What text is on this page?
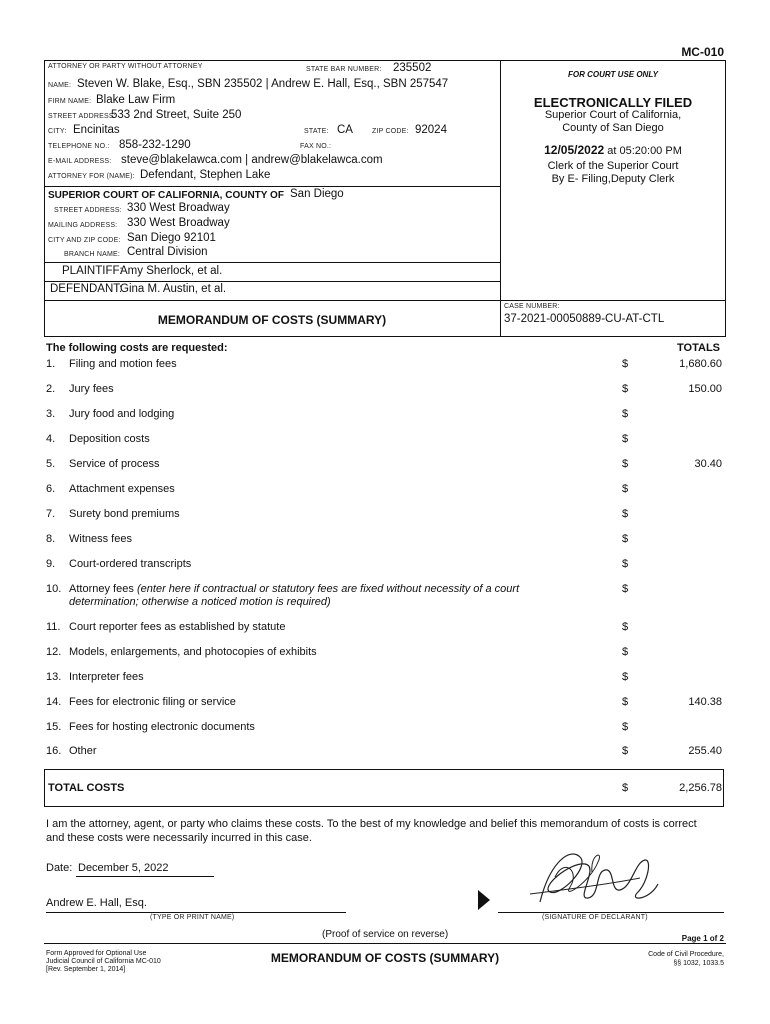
MC-010
ATTORNEY OR PARTY WITHOUT ATTORNEY	STATE BAR NUMBER: 235502
NAME: Steven W. Blake, Esq., SBN 235502 | Andrew E. Hall, Esq., SBN 257547
FIRM NAME: Blake Law Firm
STREET ADDRESS:
533 2nd Street, Suite 250
CITY: Encinitas	STATE: CA	ZIP CODE: 92024
TELEPHONE NO.: 858-232-1290	FAX NO.:
E-MAIL ADDRESS: steve@blakelawca.com | andrew@blakelawca.com
ATTORNEY FOR (NAME): Defendant, Stephen Lake
SUPERIOR COURT OF CALIFORNIA, COUNTY OF San Diego
STREET ADDRESS: 330 West Broadway
MAILING ADDRESS: 330 West Broadway
CITY AND ZIP CODE: San Diego 92101
BRANCH NAME: Central Division
PLAINTIFF:
Amy Sherlock, et al.
DEFENDANT:
Gina M. Austin, et al.
FOR COURT USE ONLY
ELECTRONICALLY FILED
Superior Court of California,
County of San Diego
12/05/2022 at 05:20:00 PM
Clerk of the Superior Court
By E- Filing,Deputy Clerk
MEMORANDUM OF COSTS (SUMMARY)
CASE NUMBER:
37-2021-00050889-CU-AT-CTL
The following costs are requested:	TOTALS
1. Filing and motion fees	$	1,680.60
2. Jury fees	$	150.00
3. Jury food and lodging	$
4. Deposition costs	$
5. Service of process	$	30.40
6. Attachment expenses	$
7. Surety bond premiums	$
8. Witness fees	$
9. Court-ordered transcripts	$
10. Attorney fees (enter here if contractual or statutory fees are fixed without necessity of a court
determination; otherwise a noticed motion is required)
$
11. Court reporter fees as established by statute	$
12. Models, enlargements, and photocopies of exhibits	$
13. Interpreter fees	$
14. Fees for electronic filing or service	$	140.38
15. Fees for hosting electronic documents	$
16. Other	$	255.40
TOTAL COSTS	$	2,256.78
I am the attorney, agent, or party who claims these costs. To the best of my knowledge and belief this memorandum of costs is correct
and these costs were necessarily incurred in this case.
Date: December 5, 2022
Andrew E. Hall, Esq.
(TYPE OR PRINT NAME)	(SIGNATURE OF DECLARANT)
(Proof of service on reverse)	Page 1 of 2
Form Approved for Optional Use
Judicial Council of California MC-010
[Rev. September 1, 2014]
MEMORANDUM OF COSTS (SUMMARY)	Code of Civil Procedure,
§§ 1032, 1033.5
